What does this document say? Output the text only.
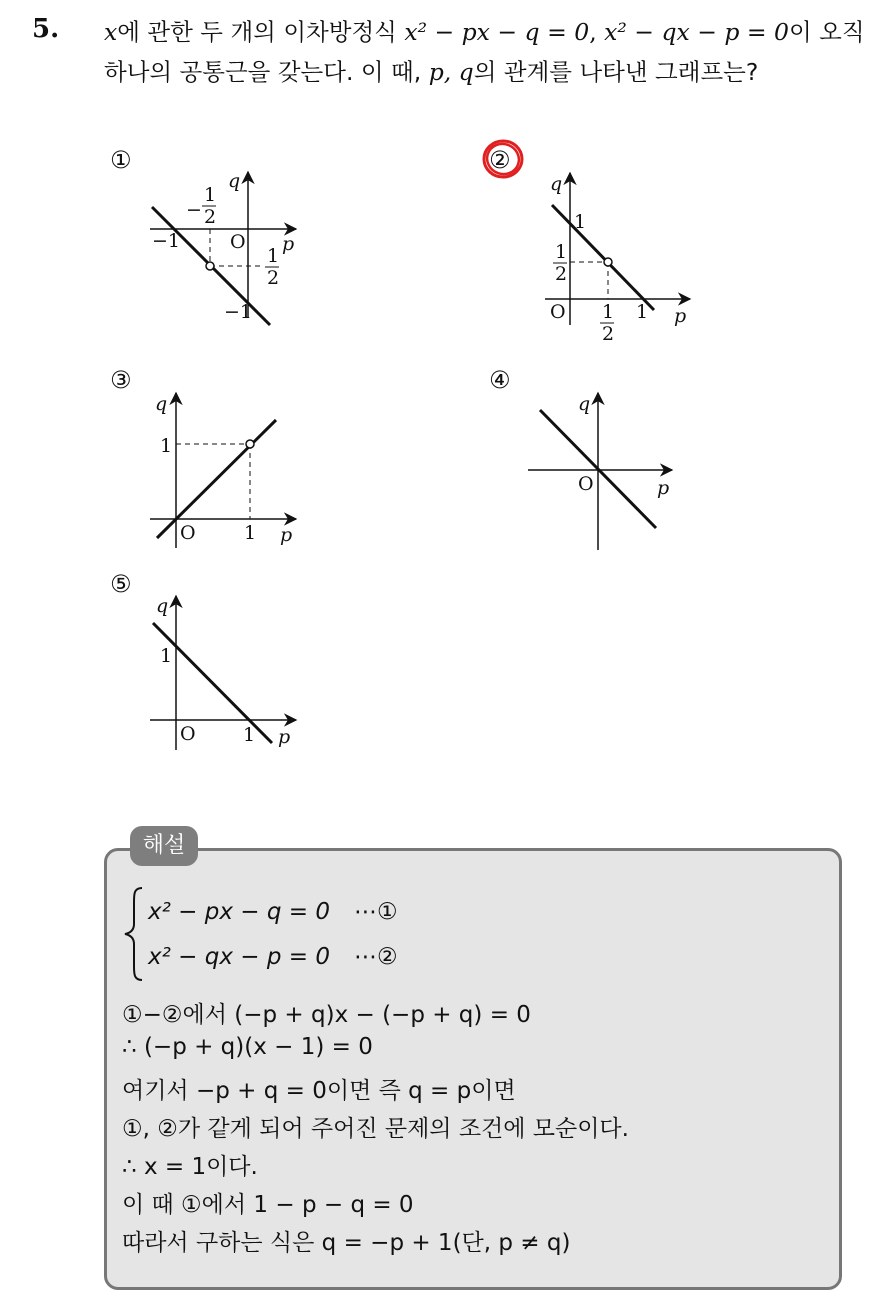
5. x에 관한 두 개의 이차방정식 x² − px − q = 0, x² − qx − p = 0이 오직
하나의 공통근을 갖는다. 이 때, p, q의 관계를 나타낸 그래프는?
①	②
③	④
⑤
q
p
O
−
1
2
−1
−1
1
2
q
p
O
1
1
1
2
1
2
q
p
O
1
1
q
p
O
q
p
O
1
1
해설
x² − px − q = 0	⋯①
x² − qx − p = 0	⋯②
①−②에서 (−p + q)x − (−p + q) = 0
∴ (−p + q)(x − 1) = 0
여기서 −p + q = 0이면 즉 q = p이면
①, ②가 같게 되어 주어진 문제의 조건에 모순이다.
∴ x = 1이다.
이 때 ①에서 1 − p − q = 0
따라서 구하는 식은 q = −p + 1(단, p ≠ q)
